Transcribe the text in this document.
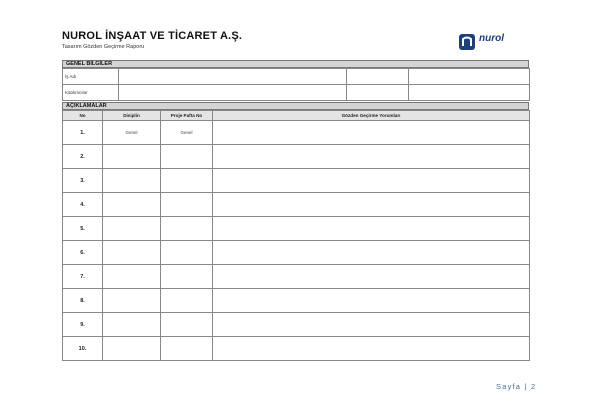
NUROL İNŞAAT VE TİCARET A.Ş.
Tasarım Gözden Geçirme Raporu
nurol
GENEL BİLGİLER
İş Adı			
Katılımcılar			
AÇIKLAMALAR
No	Disiplin	Proje Pafta No	Gözden Geçirme Yorumları
1.	Genel	Genel	
2.			
3.			
4.			
5.			
6.			
7.			
8.			
9.			
10.			
Sayfa | 2
